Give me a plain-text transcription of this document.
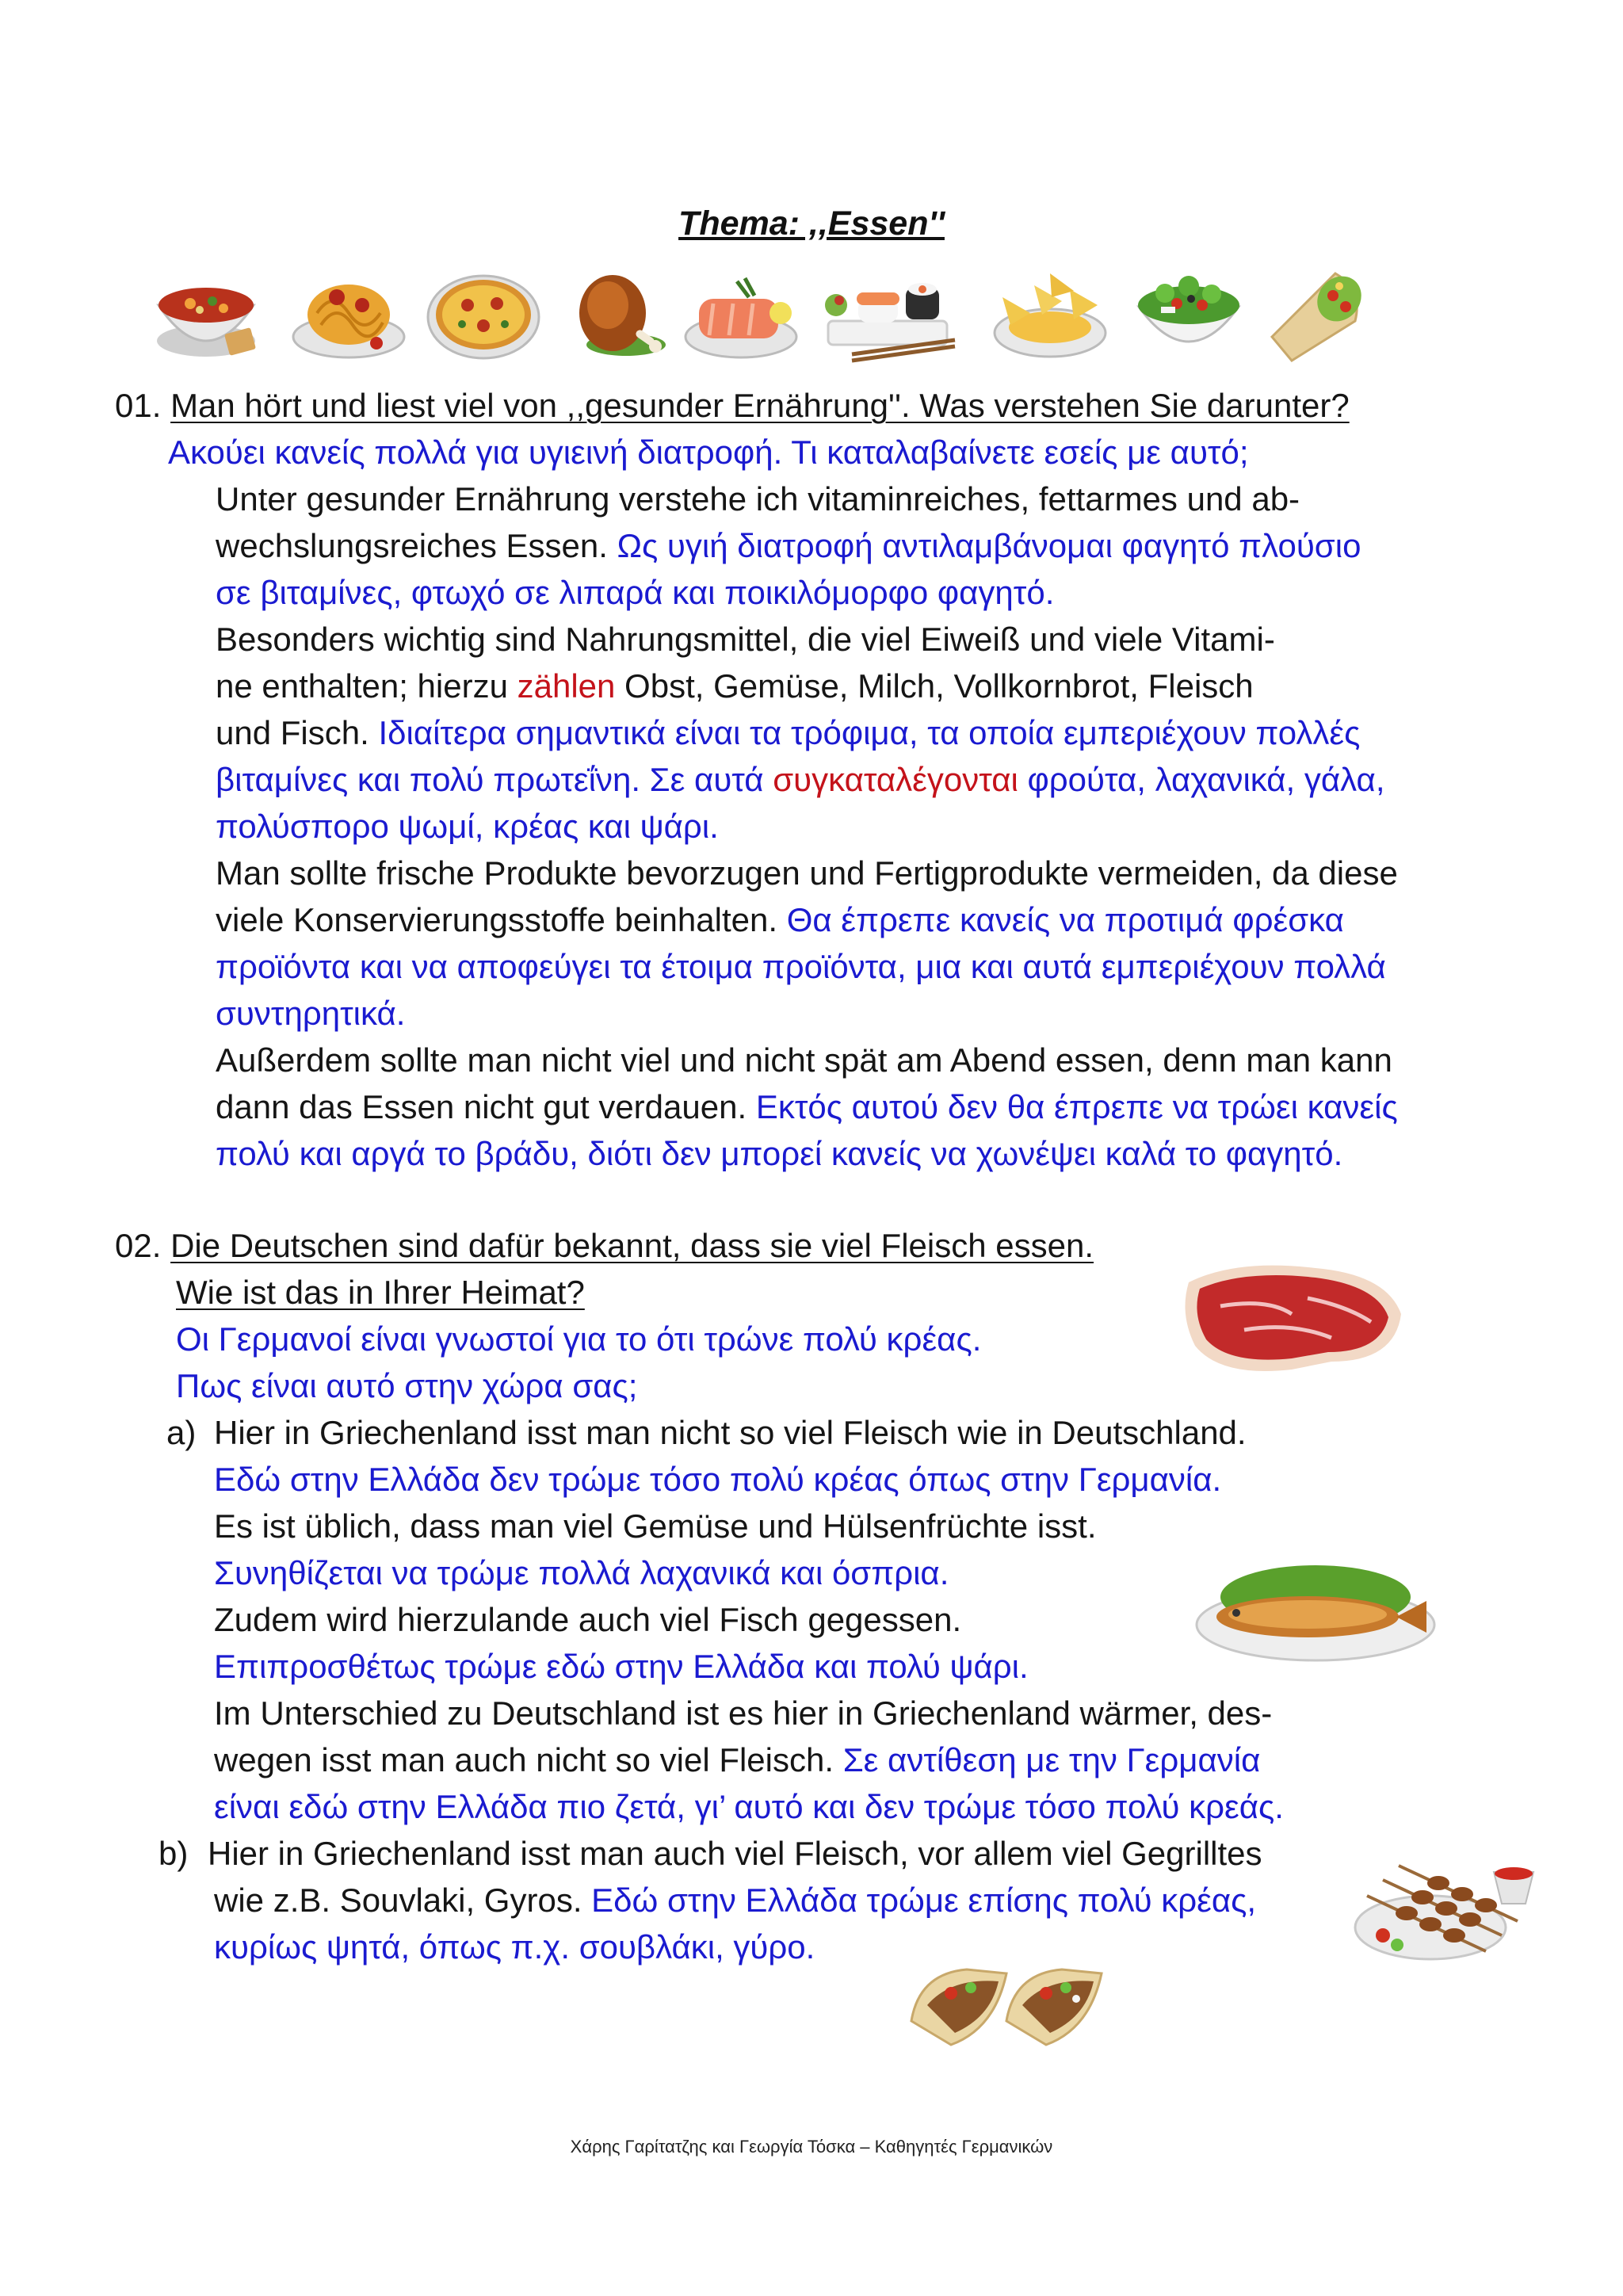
Thema: ,,Essen''
01. Man hört und liest viel von ,,gesunder Ernährung''. Was verstehen Sie darunter?
Ακούει κανείς πολλά για υγιεινή διατροφή. Τι καταλαβαίνετε εσείς με αυτό;
Unter gesunder Ernährung verstehe ich vitaminreiches, fettarmes und ab-
wechslungsreiches Essen. Ως υγιή διατροφή αντιλαμβάνομαι φαγητό πλούσιο
σε βιταμίνες, φτωχό σε λιπαρά και ποικιλόμορφο φαγητό.
Besonders wichtig sind Nahrungsmittel, die viel Eiweiß und viele Vitami-
ne enthalten; hierzu zählen Obst, Gemüse, Milch, Vollkornbrot, Fleisch
und Fisch. Ιδιαίτερα σημαντικά είναι τα τρόφιμα, τα οποία εμπεριέχουν πολλές
βιταμίνες και πολύ πρωτεΐνη. Σε αυτά συγκαταλέγονται φρούτα, λαχανικά, γάλα,
πολύσπορο ψωμί, κρέας και ψάρι.
Man sollte frische Produkte bevorzugen und Fertigprodukte vermeiden, da diese
viele Konservierungsstoffe beinhalten. Θα έπρεπε κανείς να προτιμά φρέσκα
προϊόντα και να αποφεύγει τα έτοιμα προϊόντα, μια και αυτά εμπεριέχουν πολλά
συντηρητικά.
Außerdem sollte man nicht viel und nicht spät am Abend essen, denn man kann
dann das Essen nicht gut verdauen. Εκτός αυτού δεν θα έπρεπε να τρώει κανείς
πολύ και αργά το βράδυ, διότι δεν μπορεί κανείς να χωνέψει καλά το φαγητό.
02. Die Deutschen sind dafür bekannt, dass sie viel Fleisch essen.
Wie ist das in Ihrer Heimat?
Οι Γερμανοί είναι γνωστοί για το ότι τρώνε πολύ κρέας.
Πως είναι αυτό στην χώρα σας;
a) Hier in Griechenland isst man nicht so viel Fleisch wie in Deutschland.
Εδώ στην Ελλάδα δεν τρώμε τόσο πολύ κρέας όπως στην Γερμανία.
Es ist üblich, dass man viel Gemüse und Hülsenfrüchte isst.
Συνηθίζεται να τρώμε πολλά λαχανικά και όσπρια.
Zudem wird hierzulande auch viel Fisch gegessen.
Επιπροσθέτως τρώμε εδώ στην Ελλάδα και πολύ ψάρι.
Im Unterschied zu Deutschland ist es hier in Griechenland wärmer, des-
wegen isst man auch nicht so viel Fleisch. Σε αντίθεση με την Γερμανία
είναι εδώ στην Ελλάδα πιο ζετά, γι’ αυτό και δεν τρώμε τόσο πολύ κρεάς.
b) Hier in Griechenland isst man auch viel Fleisch, vor allem viel Gegrilltes
wie z.B. Souvlaki, Gyros. Εδώ στην Ελλάδα τρώμε επίσης πολύ κρέας,
κυρίως ψητά, όπως π.χ. σουβλάκι, γύρο.
Χάρης Γαρίτατζης και Γεωργία Τόσκα – Καθηγητές Γερμανικών
